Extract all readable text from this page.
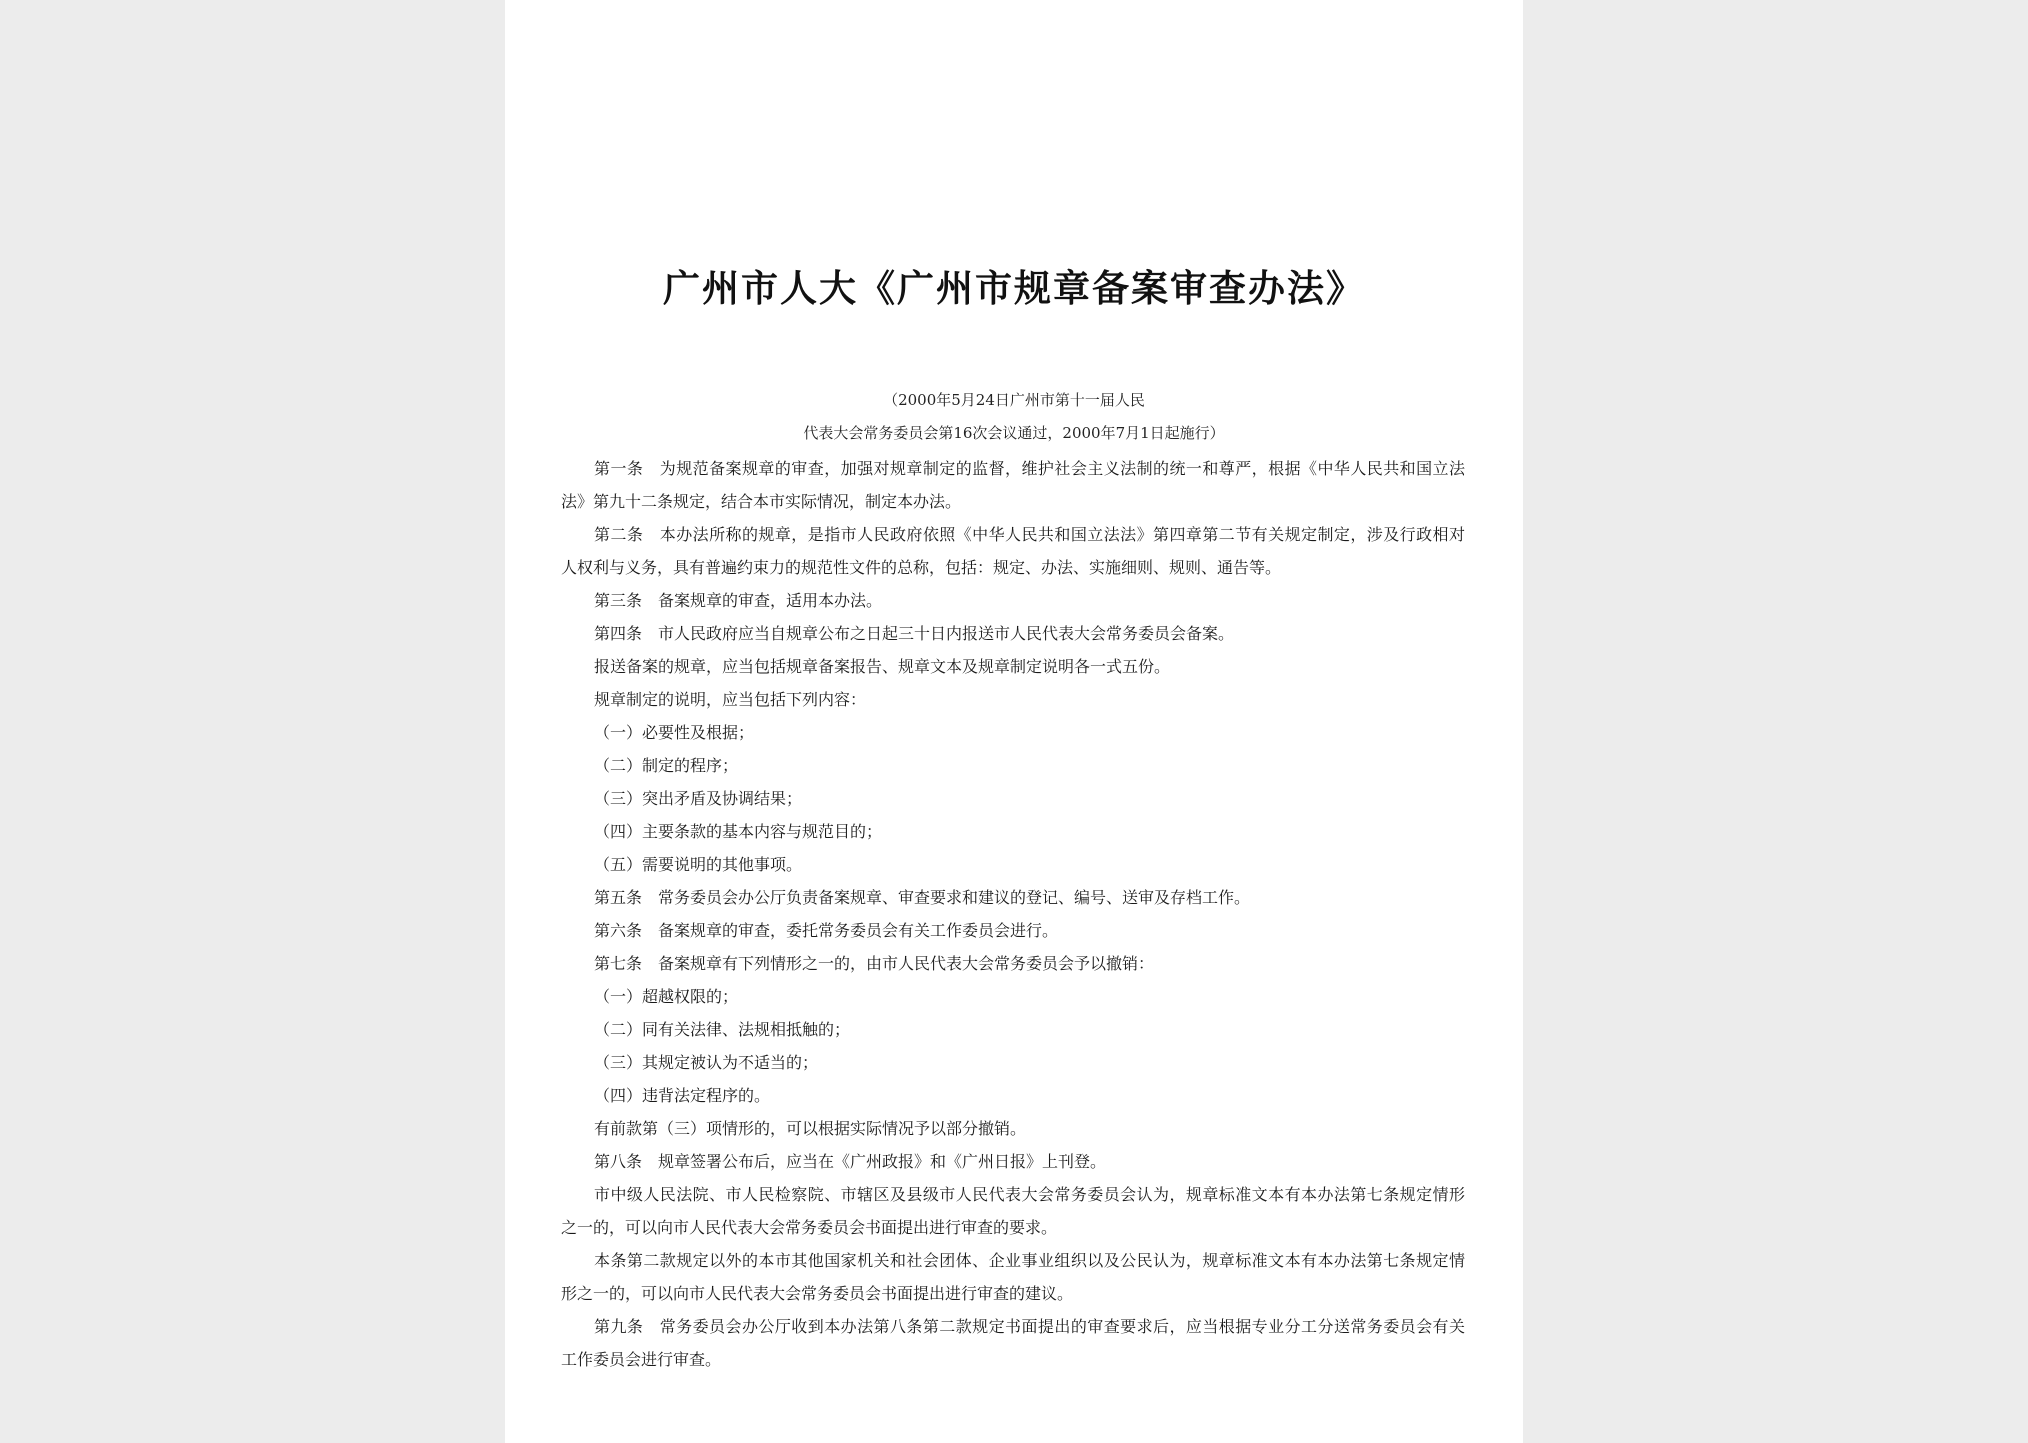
广州市人大《广州市规章备案审查办法》
（2000年5月24日广州市第十一届人民
代表大会常务委员会第16次会议通过，2000年7月1日起施行）
第一条　为规范备案规章的审查，加强对规章制定的监督，维护社会主义法制的统一和尊严，根据《中华人民共和国立法
法》第九十二条规定，结合本市实际情况，制定本办法。
第二条　本办法所称的规章，是指市人民政府依照《中华人民共和国立法法》第四章第二节有关规定制定，涉及行政相对
人权利与义务，具有普遍约束力的规范性文件的总称，包括：规定、办法、实施细则、规则、通告等。
第三条　备案规章的审查，适用本办法。
第四条　市人民政府应当自规章公布之日起三十日内报送市人民代表大会常务委员会备案。
报送备案的规章，应当包括规章备案报告、规章文本及规章制定说明各一式五份。
规章制定的说明，应当包括下列内容：
（一）必要性及根据；
（二）制定的程序；
（三）突出矛盾及协调结果；
（四）主要条款的基本内容与规范目的；
（五）需要说明的其他事项。
第五条　常务委员会办公厅负责备案规章、审查要求和建议的登记、编号、送审及存档工作。
第六条　备案规章的审查，委托常务委员会有关工作委员会进行。
第七条　备案规章有下列情形之一的，由市人民代表大会常务委员会予以撤销：
（一）超越权限的；
（二）同有关法律、法规相抵触的；
（三）其规定被认为不适当的；
（四）违背法定程序的。
有前款第（三）项情形的，可以根据实际情况予以部分撤销。
第八条　规章签署公布后，应当在《广州政报》和《广州日报》上刊登。
市中级人民法院、市人民检察院、市辖区及县级市人民代表大会常务委员会认为，规章标准文本有本办法第七条规定情形
之一的，可以向市人民代表大会常务委员会书面提出进行审查的要求。
本条第二款规定以外的本市其他国家机关和社会团体、企业事业组织以及公民认为，规章标准文本有本办法第七条规定情
形之一的，可以向市人民代表大会常务委员会书面提出进行审查的建议。
第九条　常务委员会办公厅收到本办法第八条第二款规定书面提出的审查要求后，应当根据专业分工分送常务委员会有关
工作委员会进行审查。
